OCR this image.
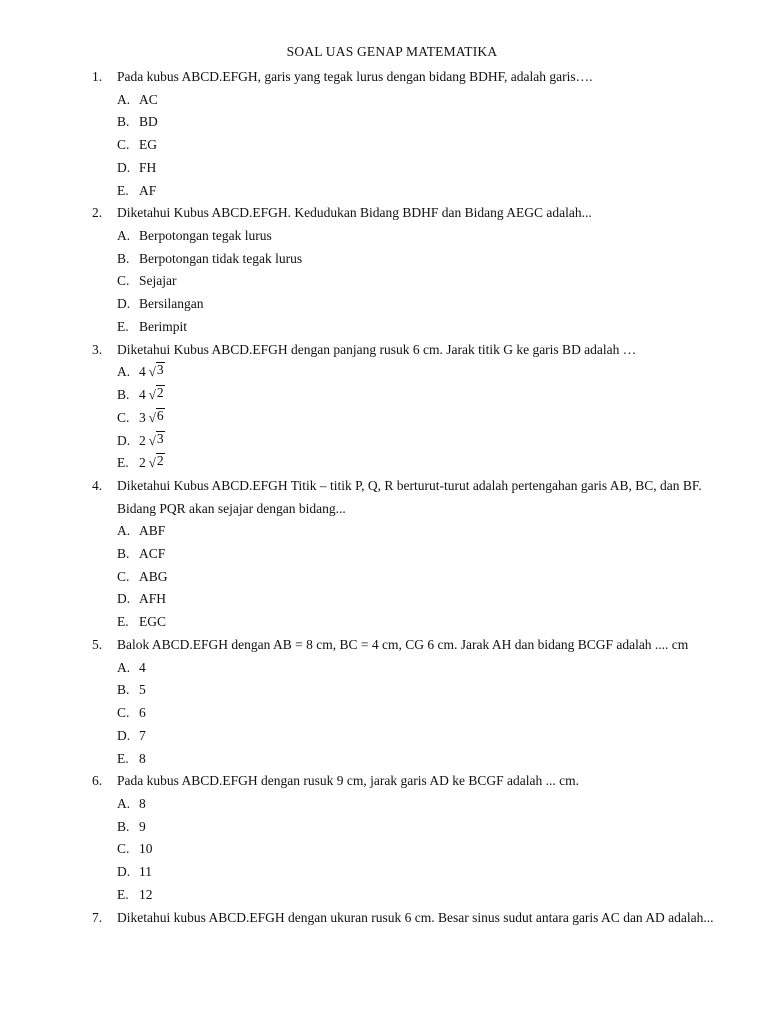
SOAL UAS GENAP MATEMATIKA
1.	Pada kubus ABCD.EFGH, garis yang tegak lurus dengan bidang BDHF, adalah garis….
A. AC
B. BD
C. EG
D. FH
E. AF
2.	Diketahui Kubus ABCD.EFGH. Kedudukan Bidang BDHF dan Bidang AEGC adalah...
A. Berpotongan tegak lurus
B. Berpotongan tidak tegak lurus
C. Sejajar
D. Bersilangan
E. Berimpit
3.	Diketahui Kubus ABCD.EFGH dengan panjang rusuk 6 cm. Jarak titik G ke garis BD adalah …
A. 4 √ 3
B. 4 √ 2
C. 3 √ 6
D. 2 √ 3
E. 2 √ 2
4.	Diketahui Kubus ABCD.EFGH Titik – titik P, Q, R berturut-turut adalah pertengahan garis AB, BC, dan BF. Bidang PQR akan sejajar dengan bidang...
A. ABF
B. ACF
C. ABG
D. AFH
E. EGC
5.	Balok ABCD.EFGH dengan AB = 8 cm, BC = 4 cm, CG 6 cm. Jarak AH dan bidang BCGF adalah .... cm
A. 4
B. 5
C. 6
D. 7
E. 8
6.	Pada kubus ABCD.EFGH dengan rusuk 9 cm, jarak garis AD ke BCGF adalah ... cm.
A. 8
B. 9
C. 10
D. 11
E. 12
7.	Diketahui kubus ABCD.EFGH dengan ukuran rusuk 6 cm. Besar sinus sudut antara garis AC dan AD adalah...
